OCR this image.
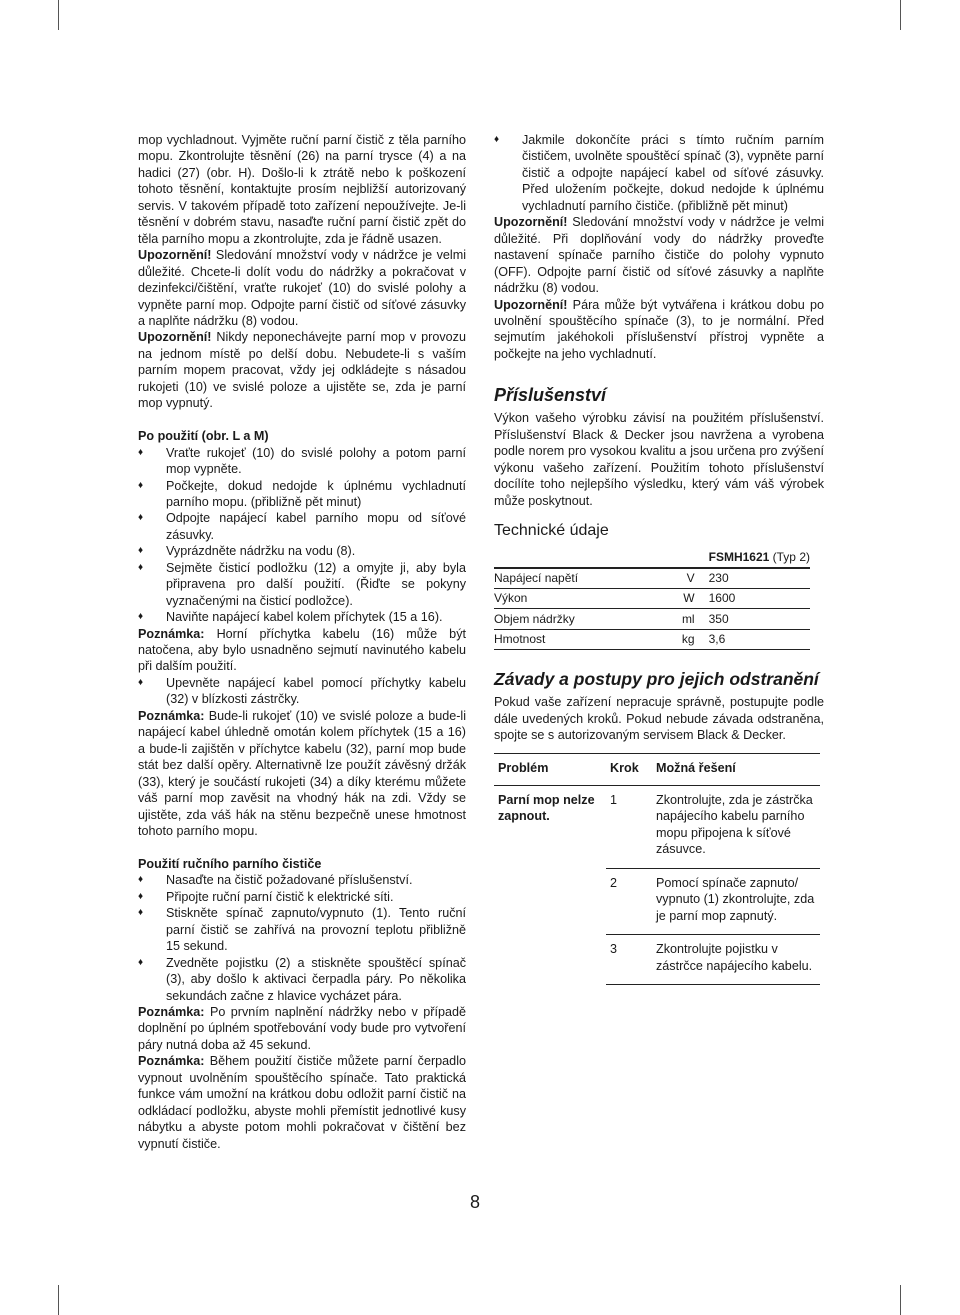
mop vychladnout. Vyjměte ruční parní čistič z těla parního mopu. Zkontrolujte těsnění (26) na parní trysce (4) a na hadici (27) (obr. H). Došlo-li k ztrátě nebo k poškození tohoto těsnění, kontaktujte prosím nejbližší autorizovaný servis. V takovém případě toto zařízení nepoužívejte. Je-li těsnění v dobrém stavu, nasaďte ruční parní čistič zpět do těla parního mopu a zkontrolujte, zda je řádně usazen.

Upozornění! Sledování množství vody v nádržce je velmi důležité. Chcete-li dolít vodu do nádržky a pokračovat v dezinfekci/čištění, vraťte rukojeť (10) do svislé polohy a vypněte parní mop. Odpojte parní čistič od síťové zásuvky a naplňte nádržku (8) vodou.

Upozornění! Nikdy neponechávejte parní mop v provozu na jednom místě po delší dobu. Nebudete-li s vaším parním mopem pracovat, vždy jej odkládejte s násadou rukojeti (10) ve svislé poloze a ujistěte se, zda je parní mop vypnutý.

Po použití (obr. L a M)
♦ Vraťte rukojeť (10) do svislé polohy a potom parní mop vypněte.
♦ Počkejte, dokud nedojde k úplnému vychladnutí parního mopu. (přibližně pět minut)
♦ Odpojte napájecí kabel parního mopu od síťové zásuvky.
♦ Vyprázdněte nádržku na vodu (8).
♦ Sejměte čisticí podložku (12) a omyjte ji, aby byla připravena pro další použití. (Řiďte se pokyny vyznačenými na čisticí podložce).
♦ Naviňte napájecí kabel kolem příchytek (15 a 16).

Poznámka: Horní příchytka kabelu (16) může být natočena, aby bylo usnadněno sejmutí navinutého kabelu při dalším použití.

♦ Upevněte napájecí kabel pomocí příchytky kabelu (32) v blízkosti zástrčky.

Poznámka: Bude-li rukojeť (10) ve svislé poloze a bude-li napájecí kabel úhledně omotán kolem příchytek (15 a 16) a bude-li zajištěn v příchytce kabelu (32), parní mop bude stát bez další opěry. Alternativně lze použít závěsný držák (33), který je součástí rukojeti (34) a díky kterému můžete váš parní mop zavěsit na vhodný hák na zdi. Vždy se ujistěte, zda váš hák na stěnu bezpečně unese hmotnost tohoto parního mopu.

Použití ručního parního čističe
♦ Nasaďte na čistič požadované příslušenství.
♦ Připojte ruční parní čistič k elektrické síti.
♦ Stiskněte spínač zapnuto/vypnuto (1). Tento ruční parní čistič se zahřívá na provozní teplotu přibližně 15 sekund.
♦ Zvedněte pojistku (2) a stiskněte spouštěcí spínač (3), aby došlo k aktivaci čerpadla páry. Po několika sekundách začne z hlavice vycházet pára.

Poznámka: Po prvním naplnění nádržky nebo v případě doplnění po úplném spotřebování vody bude pro vytvoření páry nutná doba až 45 sekund.

Poznámka: Během použití čističe můžete parní čerpadlo vypnout uvolněním spouštěcího spínače. Tato praktická funkce vám umožní na krátkou dobu odložit parní čistič na odkládací podložku, abyste mohli přemístit jednotlivé kusy nábytku a abyste potom mohli pokračovat v čištění bez vypnutí čističe.

♦ Jakmile dokončíte práci s tímto ručním parním čističem, uvolněte spouštěcí spínač (3), vypněte parní čistič a odpojte napájecí kabel od síťové zásuvky. Před uložením počkejte, dokud nedojde k úplnému vychladnutí parního čističe. (přibližně pět minut)

Upozornění! Sledování množství vody v nádržce je velmi důležité. Při doplňování vody do nádržky proveďte nastavení spínače parního čističe do polohy vypnuto (OFF). Odpojte parní čistič od síťové zásuvky a naplňte nádržku (8) vodou.

Upozornění! Pára může být vytvářena i krátkou dobu po uvolnění spouštěcího spínače (3), to je normální. Před sejmutím jakéhokoli příslušenství přístroj vypněte a počkejte na jeho vychladnutí.

Příslušenství

Výkon vašeho výrobku závisí na použitém příslušenství. Příslušenství Black & Decker jsou navržena a vyrobena podle norem pro vysokou kvalitu a jsou určena pro zvýšení výkonu vašeho zařízení. Použitím tohoto příslušenství docílíte toho nejlepšího výsledku, který vám váš výrobek může poskytnout.

Technické údaje
		FSMH1621 (Typ 2)
Napájecí napětí	V	230
Výkon	W	1600
Objem nádržky	ml	350
Hmotnost	kg	3,6
Závady a postupy pro jejich odstranění

Pokud vaše zařízení nepracuje správně, postupujte podle dále uvedených kroků. Pokud nebude závada odstraněna, spojte se s autorizovaným servisem Black & Decker.

Problém	Krok	Možná řešení
Parní mop nelze zapnout.	1	Zkontrolujte, zda je zástrčka napájecího kabelu parního mopu připojena k síťové zásuvce.
	2	Pomocí spínače zapnuto/ vypnuto (1) zkontrolujte, zda je parní mop zapnutý.
	3	Zkontrolujte pojistku v zástrčce napájecího kabelu.
8
